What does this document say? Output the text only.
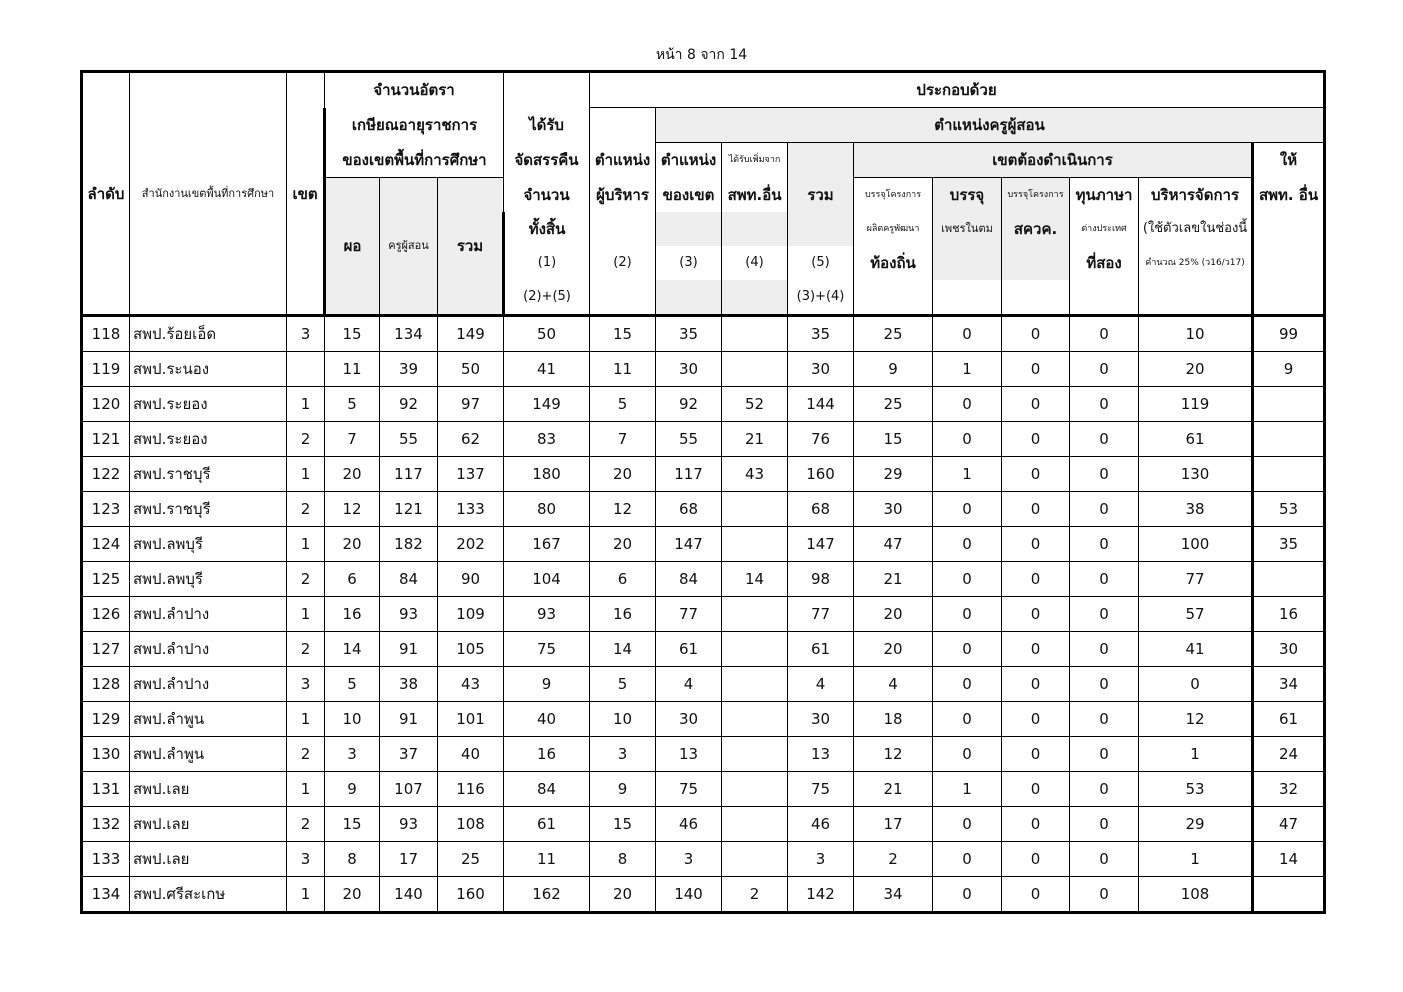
หน้า 8 จาก 14
ลำดับ	สำนักงานเขตพื้นที่การศึกษา	เขต	จำนวนอัตรา				ประกอบด้วย										
			เกษียณอายุราชการ			ได้รับ		ตำแหน่งครูผู้สอน	
			ของเขตพื้นที่การศึกษา			จัดสรรคืน	ตำแหน่ง	ตำแหน่ง	ได้รับเพิ่มจาก		เขตต้องดำเนินการ					ให้	
			ผอ	ครูผู้สอน	รวม	จำนวน	ผู้บริหาร	ของเขต	สพท.อื่น	รวม	บรรจุโครงการ	บรรจุ	บรรจุโครงการ	ทุนภาษา	บริหารจัดการ	สพท. อื่น	
						ทั้งสิ้น					ผลิตครูพัฒนา	เพชรในตม	สควค.	ต่างประเทศ	(ใช้ตัวเลขในช่องนี้		
						(1)	(2)	(3)	(4)	(5)	ท้องถิ่น			ที่สอง	คำนวณ 25% (ว16/ว17)		
						(2)+(5)				(3)+(4)							
118	สพป.ร้อยเอ็ด	3	15	134	149	50	15	35		35	25	0	0	0	10	99	
119	สพป.ระนอง		11	39	50	41	11	30		30	9	1	0	0	20	9	
120	สพป.ระยอง	1	5	92	97	149	5	92	52	144	25	0	0	0	119		
121	สพป.ระยอง	2	7	55	62	83	7	55	21	76	15	0	0	0	61		
122	สพป.ราชบุรี	1	20	117	137	180	20	117	43	160	29	1	0	0	130		
123	สพป.ราชบุรี	2	12	121	133	80	12	68		68	30	0	0	0	38	53	
124	สพป.ลพบุรี	1	20	182	202	167	20	147		147	47	0	0	0	100	35	
125	สพป.ลพบุรี	2	6	84	90	104	6	84	14	98	21	0	0	0	77		
126	สพป.ลำปาง	1	16	93	109	93	16	77		77	20	0	0	0	57	16	
127	สพป.ลำปาง	2	14	91	105	75	14	61		61	20	0	0	0	41	30	
128	สพป.ลำปาง	3	5	38	43	9	5	4		4	4	0	0	0	0	34	
129	สพป.ลำพูน	1	10	91	101	40	10	30		30	18	0	0	0	12	61	
130	สพป.ลำพูน	2	3	37	40	16	3	13		13	12	0	0	0	1	24	
131	สพป.เลย	1	9	107	116	84	9	75		75	21	1	0	0	53	32	
132	สพป.เลย	2	15	93	108	61	15	46		46	17	0	0	0	29	47	
133	สพป.เลย	3	8	17	25	11	8	3		3	2	0	0	0	1	14	
134	สพป.ศรีสะเกษ	1	20	140	160	162	20	140	2	142	34	0	0	0	108		
